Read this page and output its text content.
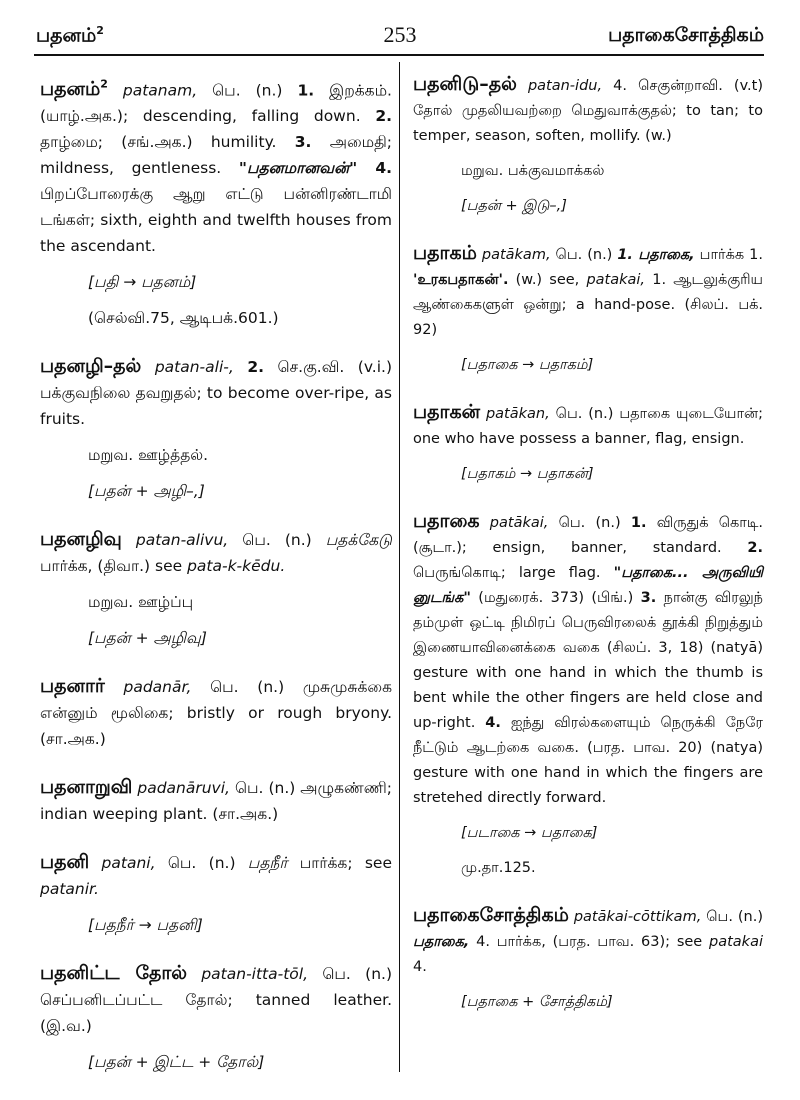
பதனம்$^2$	253	பதாகைசோத்திகம்
பதனம்$^2$ patanam, பெ. (n.) 1. இறக்கம். (யாழ்.அக.); descending, falling down. 2. தாழ்மை; (சங்.அக.) humility. 3. அமைதி; mildness, gentleness. "பதனமானவன்" 4. பிறப்போரைக்கு ஆறு எட்டு பன்னிரண்டாமி டங்கள்; sixth, eighth and twelfth houses from the ascendant.
[பதி → பதனம்]
(செல்வி.75, ஆடிபக்.601.)
பதனழி–தல் patan-ali-, 2. செ.கு.வி. (v.i.) பக்குவநிலை தவறுதல்; to become over-ripe, as fruits.
மறுவ. ஊழ்த்தல்.
[பதன் + அழி–,]
பதனழிவு patan-alivu, பெ. (n.) பதக்கேடு பார்க்க, (திவா.) see pata-k-kēdu.
மறுவ. ஊழ்ப்பு
[பதன் + அழிவு]
பதனார் padanār, பெ. (n.) முசுமுசுக்கை என்னும் மூலிகை; bristly or rough bryony. (சா.அக.)
பதனாறுவி padanāruvi, பெ. (n.) அழுகண்ணி; indian weeping plant. (சா.அக.)
பதனி patani, பெ. (n.) பதநீர் பார்க்க; see patanir.
[பதநீர் → பதனி]
பதனிட்ட தோல் patan-itta-tōl, பெ. (n.) செப்பனிடப்பட்ட தோல்; tanned leather. (இ.வ.)
[பதன் + இட்ட + தோல்]
பதனிடு–தல் patan-idu, 4. செகுன்றாவி. (v.t) தோல் முதலியவற்றை மெதுவாக்குதல்; to tan; to temper, season, soften, mollify. (w.)
மறுவ. பக்குவமாக்கல்
[பதன் + இடு–,]
பதாகம் patākam, பெ. (n.) 1. பதாகை, பார்க்க 1. 'உரகபதாகன்'. (w.) see, patakai, 1. ஆடலுக்குரிய ஆண்கைகளுள் ஒன்று; a hand-pose. (சிலப். பக். 92)
[பதாகை → பதாகம்]
பதாகன் patākan, பெ. (n.) பதாகை யுடையோன்; one who have possess a banner, flag, ensign.
[பதாகம் → பதாகன்]
பதாகை patākai, பெ. (n.) 1. விருதுக் கொடி. (சூடா.); ensign, banner, standard. 2. பெருங்கொடி; large flag. "பதாகை... அருவியி னுடங்க" (மதுரைக். 373) (பிங்.) 3. நான்கு விரலுந் தம்முள் ஒட்டி நிமிரப் பெருவிரலைக் தூக்கி நிறுத்தும் இணையாவினைக்கை வகை (சிலப். 3, 18) (natyā) gesture with one hand in which the thumb is bent while the other fingers are held close and up-right. 4. ஐந்து விரல்களையும் நெருக்கி நேரே நீட்டும் ஆடற்கை வகை. (பரத. பாவ. 20) (natya) gesture with one hand in which the fingers are stretehed directly forward.
[படாகை → பதாகை]
மு.தா.125.
பதாகைசோத்திகம் patākai-cōttikam, பெ. (n.) பதாகை, 4. பார்க்க, (பரத. பாவ. 63); see patakai 4.
[பதாகை + சோத்திகம்]
